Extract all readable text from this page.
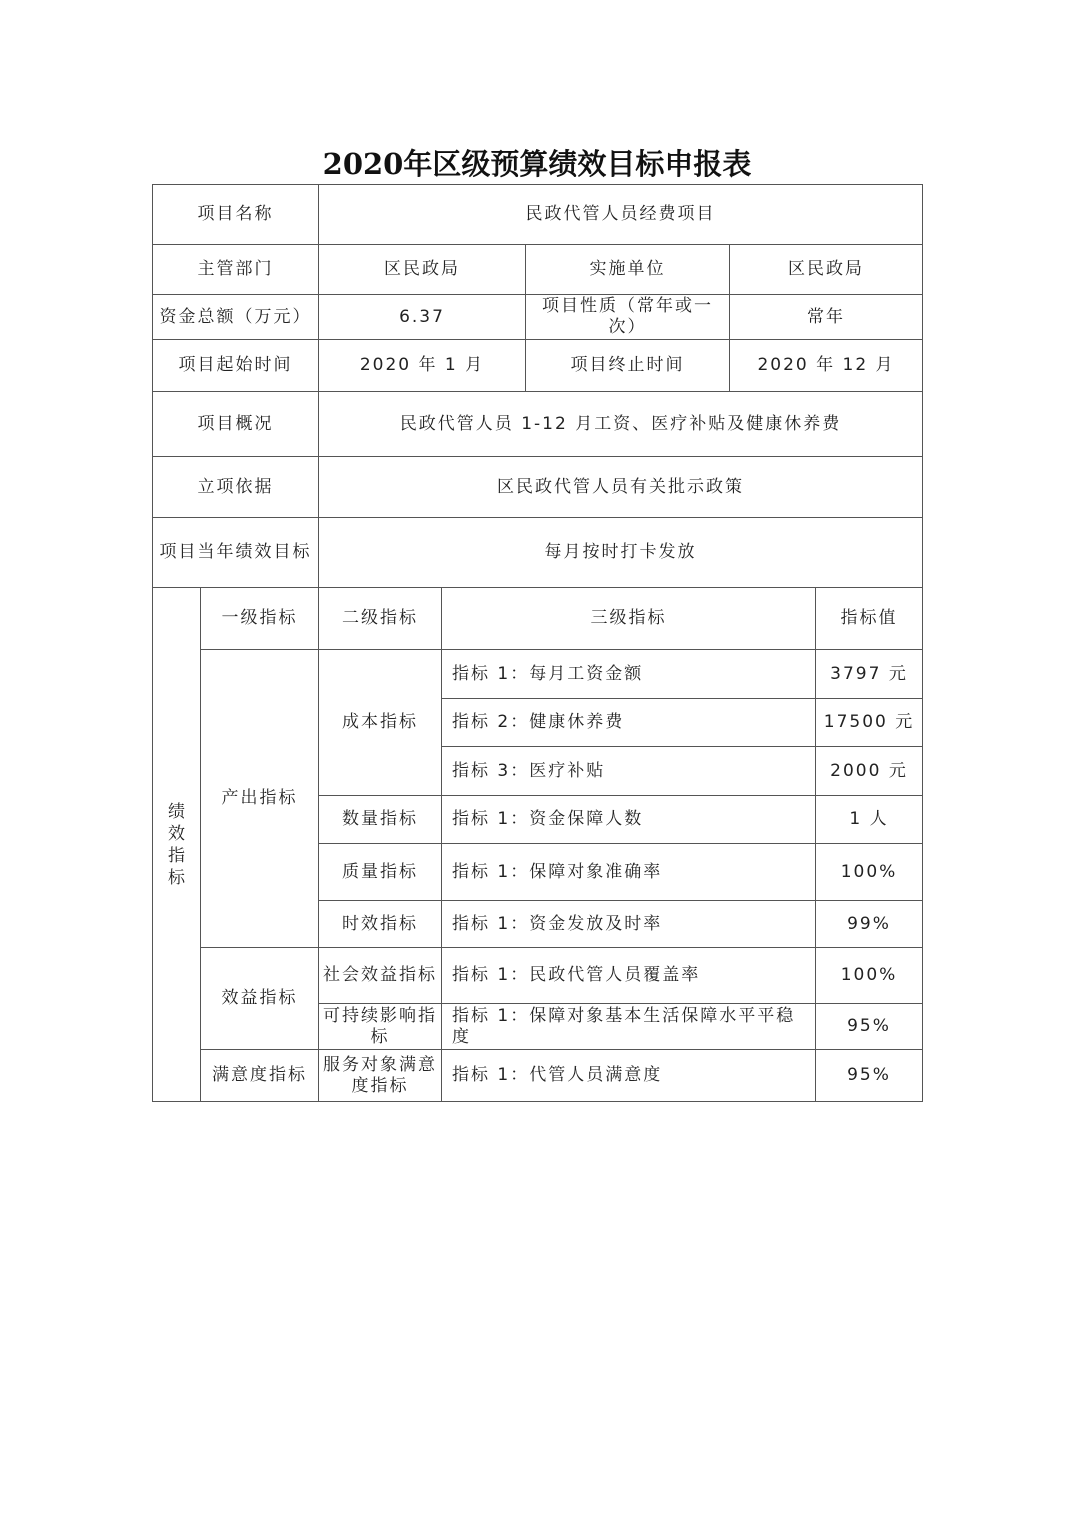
2020年区级预算绩效目标申报表
项目名称		民政代管人员经费项目				
主管部门		区民政局		实施单位	区民政局	
资金总额（万元）		6.37		项目性质（常年或一次）	常年	
项目起始时间		2020 年 1 月		项目终止时间	2020 年 12 月	
项目概况		民政代管人员 1-12 月工资、医疗补贴及健康休养费				
立项依据		区民政代管人员有关批示政策				
项目当年绩效目标		每月按时打卡发放				
绩效指标	一级指标	二级指标	三级指标			指标值
	产出指标	成本指标	指标 1：每月工资金额			3797 元
			指标 2：健康休养费			17500 元
			指标 3：医疗补贴			2000 元
		数量指标	指标 1：资金保障人数			1 人
		质量指标	指标 1：保障对象准确率			100%
		时效指标	指标 1：资金发放及时率			99%
	效益指标	社会效益指标	指标 1：民政代管人员覆盖率			100%
		可持续影响指标	指标 1：保障对象基本生活保障水平平稳度			95%
	满意度指标	服务对象满意度指标	指标 1：代管人员满意度			95%
